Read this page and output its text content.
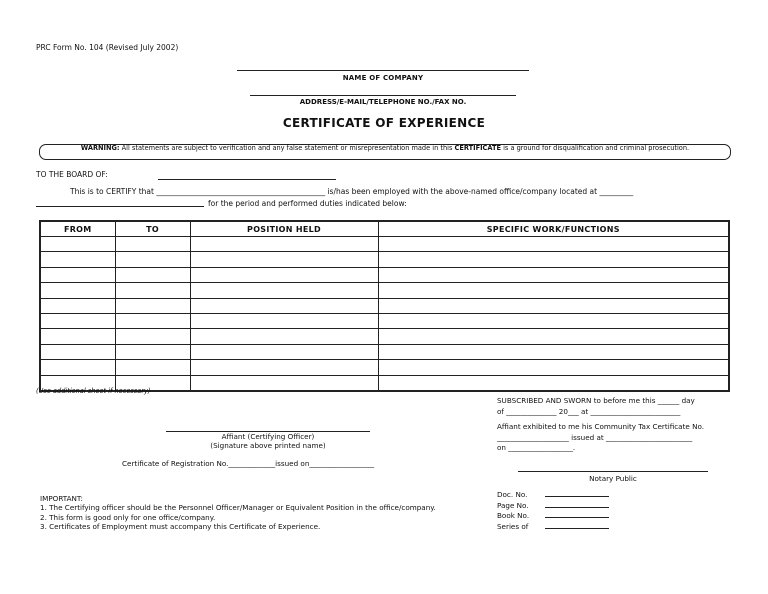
PRC Form No. 104 (Revised July 2002)
NAME OF COMPANY
ADDRESS/E-MAIL/TELEPHONE NO./FAX NO.
CERTIFICATE OF EXPERIENCE
WARNING: All statements are subject to verification and any false statement or misrepresentation made in this CERTIFICATE is a ground for disqualification and criminal prosecution.
TO THE BOARD OF:
This is to CERTIFY that _____________________________________________ is/has been employed with the above-named office/company located at _________
for the period and performed duties indicated below:
FROM	TO	POSITION HELD	SPECIFIC WORK/FUNCTIONS

(Use additional sheet if necessary)
SUBSCRIBED AND SWORN to before me this ______ day
of ______________ 20___ at _________________________
Affiant exhibited to me his Community Tax Certificate No.
____________________ issued at ________________________
on __________________.
Affiant (Certifying Officer)
(Signature above printed name)
Certificate of Registration No._____________issued on__________________
Notary Public
IMPORTANT:
1. The Certifying officer should be the Personnel Officer/Manager or Equivalent Position in the office/company.
2. This form is good only for one office/company.
3. Certificates of Employment must accompany this Certificate of Experience.
Doc. No.
Page No.
Book No.
Series of
